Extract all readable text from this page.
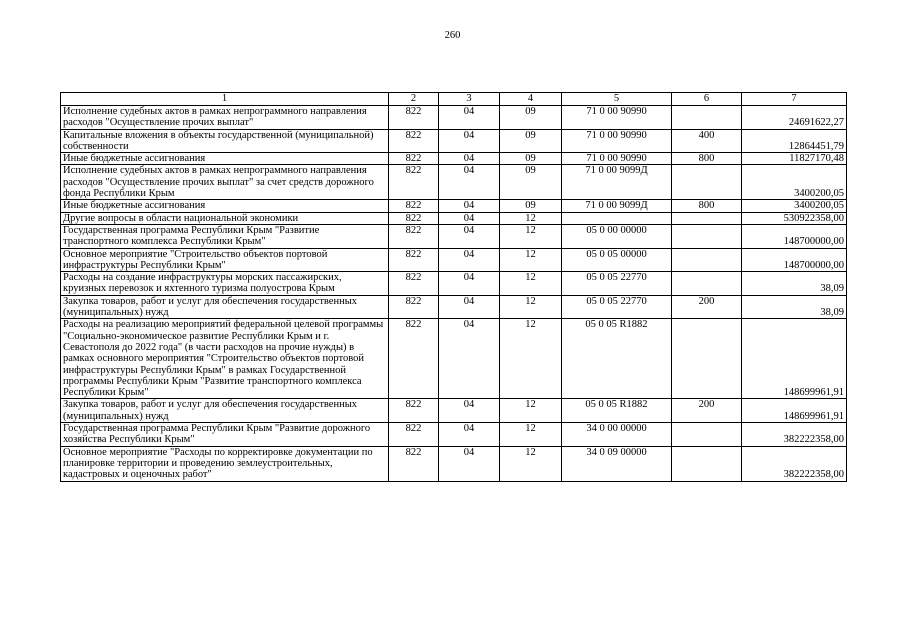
260
1	2	3	4	5	6	7
Исполнение судебных актов в рамках непрограммного направления расходов "Осуществление прочих выплат"	822	04	09	71 0 00 90990		24691622,27
Капитальные вложения в объекты государственной (муниципальной) собственности	822	04	09	71 0 00 90990	400	12864451,79
Иные бюджетные ассигнования	822	04	09	71 0 00 90990	800	11827170,48
Исполнение судебных актов в рамках непрограммного направления расходов "Осуществление прочих выплат" за счет средств дорожного фонда Республики Крым	822	04	09	71 0 00 9099Д		3400200,05
Иные бюджетные ассигнования	822	04	09	71 0 00 9099Д	800	3400200,05
Другие вопросы в области национальной экономики	822	04	12			530922358,00
Государственная программа Республики Крым "Развитие транспортного комплекса Республики Крым"	822	04	12	05 0 00 00000		148700000,00
Основное мероприятие "Строительство объектов портовой инфраструктуры Республики Крым"	822	04	12	05 0 05 00000		148700000,00
Расходы на создание инфраструктуры морских пассажирских, круизных перевозок и яхтенного туризма полуострова Крым	822	04	12	05 0 05 22770		38,09
Закупка товаров, работ и услуг для обеспечения государственных (муниципальных) нужд	822	04	12	05 0 05 22770	200	38,09
Расходы на реализацию мероприятий федеральной целевой программы "Социально-экономическое развитие Республики Крым и г. Севастополя до 2022 года" (в части расходов на прочие нужды) в рамках основного мероприятия "Строительство объектов портовой инфраструктуры Республики Крым" в рамках Государственной программы Республики Крым "Развитие транспортного комплекса Республики Крым"	822	04	12	05 0 05 R1882		148699961,91
Закупка товаров, работ и услуг для обеспечения государственных (муниципальных) нужд	822	04	12	05 0 05 R1882	200	148699961,91
Государственная программа Республики Крым "Развитие дорожного хозяйства Республики Крым"	822	04	12	34 0 00 00000		382222358,00
Основное мероприятие "Расходы по корректировке документации по планировке территории и проведению землеустроительных, кадастровых и оценочных работ"	822	04	12	34 0 09 00000		382222358,00
